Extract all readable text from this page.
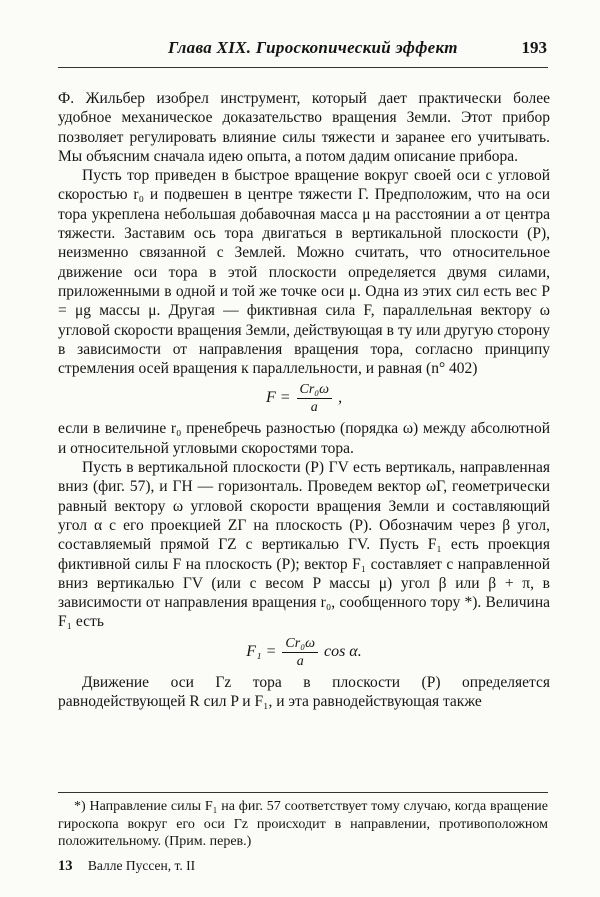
Глава XIX. Гироскопический эффект	193

Ф. Жильбер изобрел инструмент, который дает практически более удобное механическое доказательство вращения Земли. Этот прибор позволяет регулировать влияние силы тяжести и заранее его учитывать. Мы объясним сначала идею опыта, а потом дадим описание прибора.

Пусть тор приведен в быстрое вращение вокруг своей оси с угловой скоростью r₀ и подвешен в центре тяжести Γ. Предположим, что на оси тора укреплена небольшая добавочная масса μ на расстоянии a от центра тяжести. Заставим ось тора двигаться в вертикальной плоскости (P), неизменно связанной с Землей. Можно считать, что относительное движение оси тора в этой плоскости определяется двумя силами, приложенными в одной и той же точке оси μ. Одна из этих сил есть вес P = μg массы μ. Другая — фиктивная сила F, параллельная вектору ω угловой скорости вращения Земли, действующая в ту или другую сторону в зависимости от направления вращения тора, согласно принципу стремления осей вращения к параллельности, и равная (n° 402)

$F = \frac{\text{Cr₀ω}}{a}$ ,

если в величине r₀ пренебречь разностью (порядка ω) между абсолютной и относительной угловыми скоростями тора.

Пусть в вертикальной плоскости (P) ΓV есть вертикаль, направленная вниз (фиг. 57), и ΓH — горизонталь. Проведем вектор ωΓ, геометрически равный вектору ω угловой скорости вращения Земли и составляющий угол α с его проекцией ZΓ на плоскость (P). Обозначим через β угол, составляемый прямой ΓZ с вертикалью ΓV. Пусть F₁ есть проекция фиктивной силы F на плоскость (P); вектор F₁ составляет с направленной вниз вертикалью ΓV (или с весом P массы μ) угол β или β + π, в зависимости от направления вращения r₀, сообщенного тору *). Величина F₁ есть

$F_1 = \frac{\text{Cr₀ω}}{a}$ cos α.

Движение оси Γz тора в плоскости (P) определяется равнодействующей R сил P и F₁, и эта равнодействующая также

*) Направление силы F₁ на фиг. 57 соответствует тому случаю, когда вращение гироскопа вокруг его оси Γz происходит в направлении, противоположном положительному. (Прим. перев.)

13 Валле Пуссен, т. II
